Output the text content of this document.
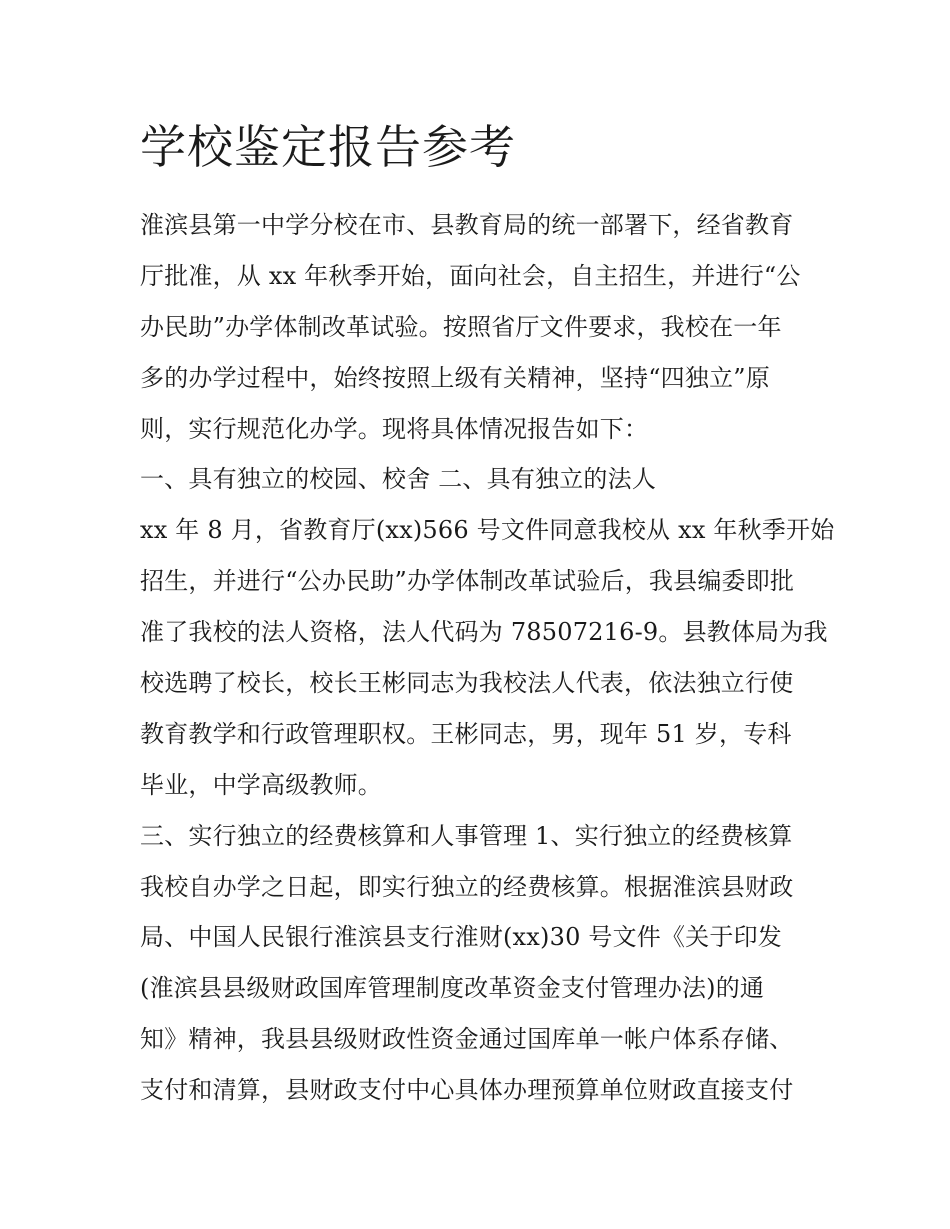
学校鉴定报告参考
淮滨县第一中学分校在市、县教育局的统一部署下，经省教育
厅批准，从 xx 年秋季开始，面向社会，自主招生，并进行“公
办民助”办学体制改革试验。按照省厅文件要求，我校在一年
多的办学过程中，始终按照上级有关精神，坚持“四独立”原
则，实行规范化办学。现将具体情况报告如下：
一、具有独立的校园、校舍 二、具有独立的法人
xx 年 8 月，省教育厅(xx)566 号文件同意我校从 xx 年秋季开始
招生，并进行“公办民助”办学体制改革试验后，我县编委即批
准了我校的法人资格，法人代码为 78507216-9。县教体局为我
校选聘了校长，校长王彬同志为我校法人代表，依法独立行使
教育教学和行政管理职权。王彬同志，男，现年 51 岁，专科
毕业，中学高级教师。
三、实行独立的经费核算和人事管理 1、实行独立的经费核算
我校自办学之日起，即实行独立的经费核算。根据淮滨县财政
局、中国人民银行淮滨县支行淮财(xx)30 号文件《关于印发
(淮滨县县级财政国库管理制度改革资金支付管理办法)的通
知》精神，我县县级财政性资金通过国库单一帐户体系存储、
支付和清算，县财政支付中心具体办理预算单位财政直接支付
